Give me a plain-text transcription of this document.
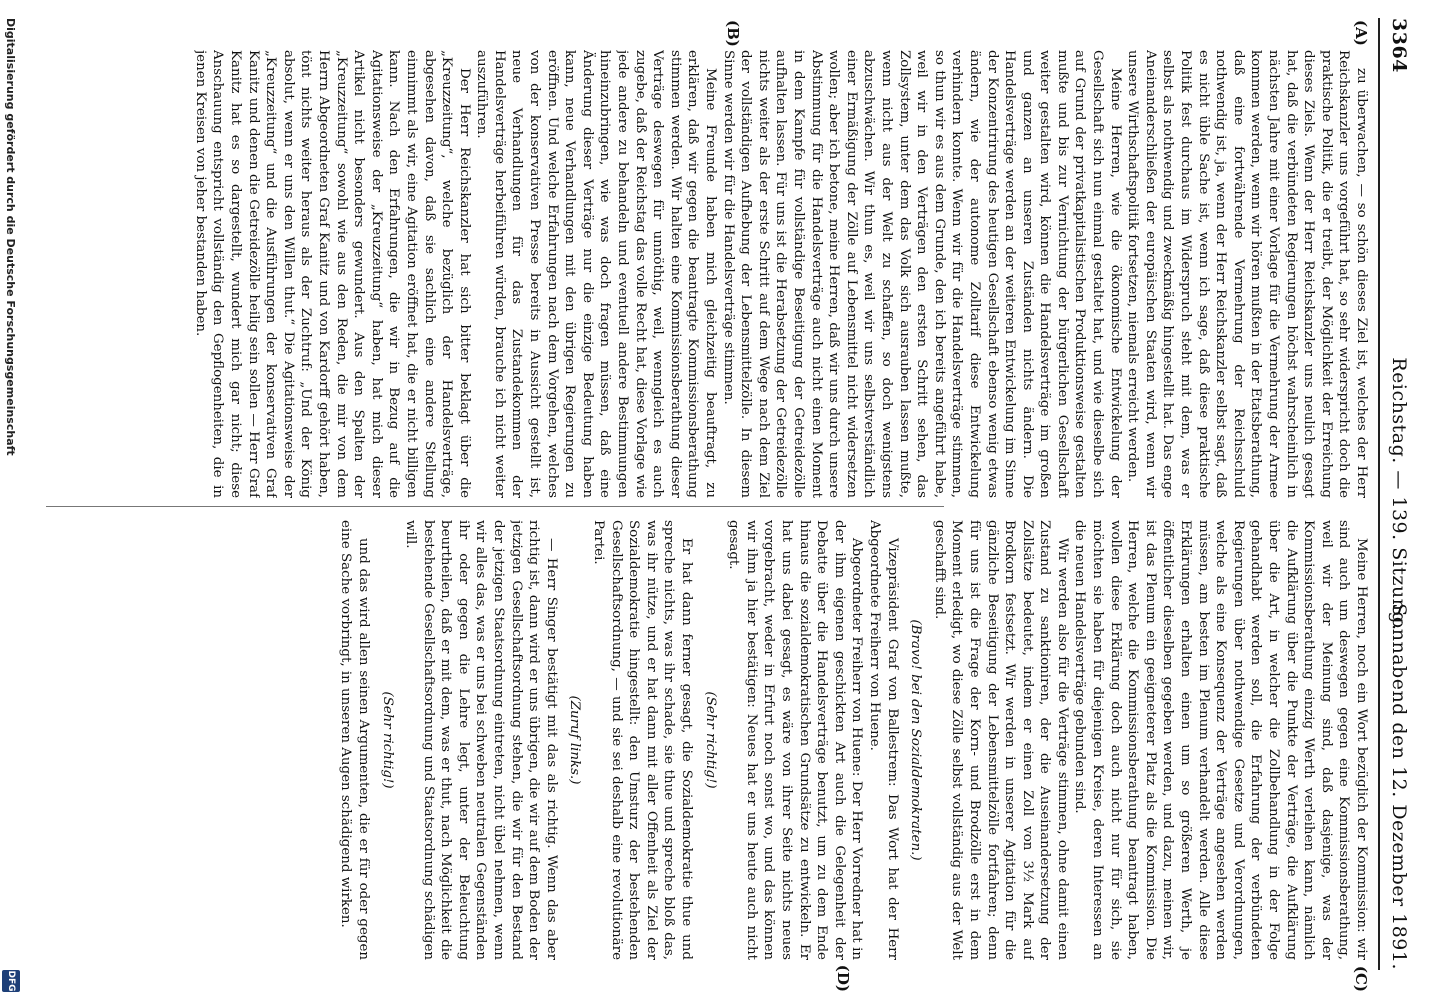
3364
Reichstag. — 139. Sitzung.
Sonnabend den 12. Dezember 1891.
(A)
(B)
(C)
(D)

zu überwachen, — so schön dieses Ziel ist, welches der Herr Reichskanzler uns vorgeführt hat, so sehr widerspricht doch die praktische Politik, die er treibt, der Möglichkeit der Erreichung dieses Ziels. Wenn der Herr Reichskanzler uns neulich gesagt hat, daß die verbündeten Regierungen höchst wahrscheinlich in nächsten Jahre mit einer Vorlage für die Vermehrung der Armee kommen werden, wenn wir hören mußten in der Etatsberathung, daß eine fortwährende Vermehrung der Reichsschuld nothwendig ist, ja, wenn der Herr Reichskanzler selbst sagt, daß es nicht üble Sache ist, wenn ich sage, daß diese praktische Politik fest durchaus im Widerspruch steht mit dem, was er selbst als nothwendig und zweckmäßig hingestellt hat. Das enge Aneinanderschließen der europäischen Staaten wird, wenn wir unsere Wirthschaftspolitik fortsetzen, niemals erreicht werden.

Meine Herren, wie die ökonomische Entwickelung der Gesellschaft sich nun einmal gestaltet hat, und wie dieselbe sich auf Grund der privatkapitalistischen Produktionsweise gestalten mußte und bis zur Vernichtung der bürgerlichen Gesellschaft weiter gestalten wird, können die Handelsverträge im großen und ganzen an unseren Zuständen nichts ändern. Die Handelsverträge werden an der weiteren Entwickelung im Sinne der Konzentrirung des heutigen Gesellschaft ebenso wenig etwas ändern, wie der autonome Zolltarif diese Entwickelung verhindern konnte. Wenn wir für die Handelsverträge stimmen, so thun wir es aus dem Grunde, den ich bereits angeführt habe, weil wir in den Verträgen den ersten Schritt sehen, das Zollsystem, unter dem das Volk sich ausrauben lassen mußte, wenn nicht aus der Welt zu schaffen, so doch wenigstens abzuschwächen. Wir thun es, weil wir uns selbstverständlich einer Ermäßigung der Zölle auf Lebensmittel nicht widersetzen wollen; aber ich betone, meine Herren, daß wir uns durch unsere Abstimmung für die Handelsverträge auch nicht einen Moment in dem Kampfe für vollständige Beseitigung der Getreidezölle aufhalten lassen. Für uns ist die Herabsetzung der Getreidezölle nichts weiter als der erste Schritt auf dem Wege nach dem Ziel der vollständigen Aufhebung der Lebensmittelzölle. In diesem Sinne werden wir für die Handelsverträge stimmen.

Meine Freunde haben mich gleichzeitig beauftragt, zu erklären, daß wir gegen die beantragte Kommissionsberathung stimmen werden. Wir halten eine Kommissionsberathung dieser Verträge deswegen für unnöthig, weil, wenngleich es auch zugebe, daß der Reichstag das volle Recht hat, diese Vorlage wie jede andere zu behandeln und eventuell andere Bestimmungen hineinzubringen, wie was doch fragen müssen, daß eine Änderung dieser Verträge nur die einzige Bedeutung haben kann, neue Verhandlungen mit den übrigen Regierungen zu eröffnen. Und welche Erfahrungen nach dem Vorgehen, welches von der konservativen Presse bereits in Aussicht gestellt ist, neue Verhandlungen für das Zustandekommen der Handelsverträge herbeiführen würden, brauche ich nicht weiter auszuführen.

Der Herr Reichskanzler hat sich bitter beklagt über die „Kreuzzeitung“, welche bezüglich der Handelsverträge, abgesehen davon, daß sie sachlich eine andere Stellung einnimmt als wir, eine Agitation eröffnet hat, die er nicht billigen kann. Nach den Erfahrungen, die wir in Bezug auf die Agitationsweise der „Kreuzzeitung“ haben, hat mich dieser Artikel nicht besonders gewundert. Aus den Spalten der „Kreuzzeitung“ sowohl wie aus den Reden, die mir von dem Herrn Abgeordneten Graf Kanitz und von Kardorff gehört haben, tönt nichts weiter heraus als der Zuchtruf: „Und der König absolut, wenn er uns den Willen thut.“ Die Agitationsweise der „Kreuzzeitung“ und die Ausführungen der konservativen Graf Kanitz und denen die Getreidezölle heilig sein sollen — Herr Graf Kanitz hat es so dargestellt, wundert mich gar nicht; diese Anschauung entspricht vollständig den Gepflogenheiten, die in jenen Kreisen von jeher bestanden haben.

Meine Herren, noch ein Wort bezüglich der Kommission: wir sind auch um deswegen gegen eine Kommissionsberathung, weil wir der Meinung sind, daß dasjenige, was der Kommissionsberathung einzig Werth verleihen kann, nämlich die Aufklärung über die Punkte der Verträge, die Aufklärung über die Art, in welcher die Zollbehandlung in der Folge gehandhabt werden soll, die Erfahrung der verbündeten Regierungen über nothwendige Gesetze und Verordnungen, welche als eine Konsequenz der Verträge angesehen werden müssen, am besten im Plenum verhandelt werden. Alle diese Erklärungen erhalten einen um so größeren Werth, je öffentlicher dieselben gegeben werden, und dazu, meinen wir, ist das Plenum ein geeigneterer Platz als die Kommission. Die Herren, welche die Kommissionsberathung beantragt haben, wollen diese Erklärung doch auch nicht nur für sich, sie möchten sie haben für diejenigen Kreise, deren Interessen an die neuen Handelsverträge gebunden sind.

Wir werden also für die Verträge stimmen, ohne damit einen Zustand zu sanktioniren, der die Auseinandersetzung der Zollsätze bedeutet, indem er einen Zoll von 3½ Mark auf Brodkorn festsetzt. Wir werden in unserer Agitation für die gänzliche Beseitigung der Lebensmittelzölle fortfahren; denn für uns ist die Frage der Korn- und Brodzölle erst in dem Moment erledigt, wo diese Zölle selbst vollständig aus der Welt geschafft sind.

(Bravo! bei den Sozialdemokraten.)

Vizepräsident Graf von Ballestrem: Das Wort hat der Herr Abgeordnete Freiherr von Huene.

Abgeordneter Freiherr von Huene: Der Herr Vorredner hat in der ihm eigenen geschickten Art auch die Gelegenheit der Debatte über die Handelsverträge benutzt, um zu dem Ende hinaus die sozialdemokratischen Grundsätze zu entwickeln. Er hat uns dabei gesagt, es wäre von ihrer Seite nichts neues vorgebracht, weder in Erfurt noch sonst wo, und das können wir ihm ja hier bestätigen: Neues hat er uns heute auch nicht gesagt.

(Sehr richtig!)

Er hat dann ferner gesagt, die Sozialdemokratie thue und spreche nichts, was ihr schade, sie thue und spreche bloß das, was ihr nütze, und er hat dann mit aller Offenheit als Ziel der Sozialdemokratie hingestellt: den Umsturz der bestehenden Gesellschaftsordnung, — und sie sei deshalb eine revolutionäre Partei.

(Zuruf links.)

— Herr Singer bestätigt mit das als richtig. Wenn das aber richtig ist, dann wird er uns übrigen, die wir auf dem Boden der jetzigen Gesellschaftsordnung stehen, die wir für den Bestand der jetzigen Staatsordnung eintreten, nicht übel nehmen, wenn wir alles das, was er uns bei schweben neutralen Gegenständen ihr oder gegen die Lehre legt, unter der Beleuchtung beurtheilen, daß er mit dem, was er thut, nach Möglichkeit die bestehende Gesellschaftsordnung und Staatsordnung schädigen will.

(Sehr richtig!)

und das wird allen seinen Argumenten, die er für oder gegen eine Sache vorbringt, in unseren Augen schädigend wirken.

Digitalisierung gefördert durch die Deutsche Forschungsgemeinschaft
DFG
